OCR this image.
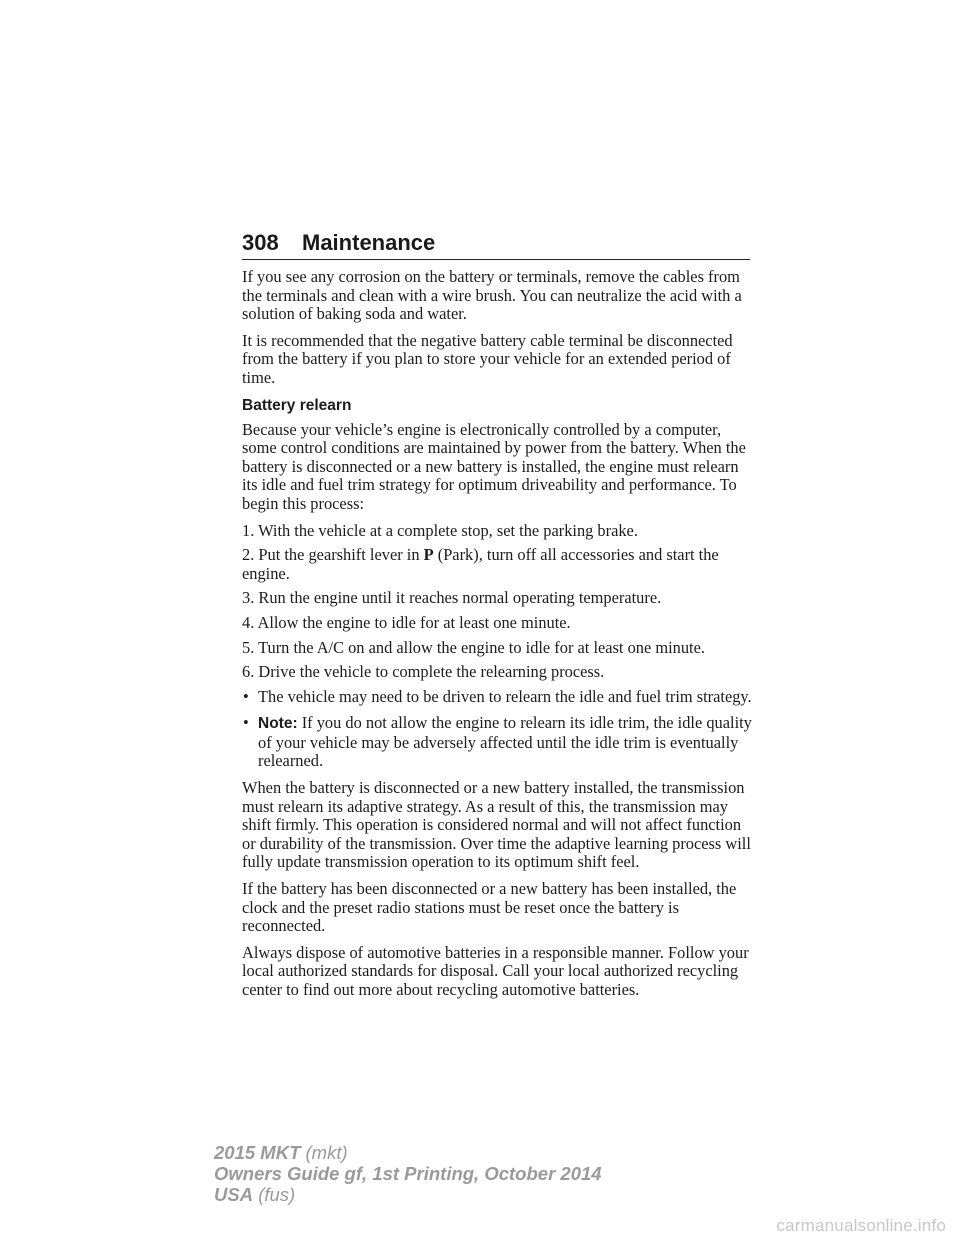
308 Maintenance

If you see any corrosion on the battery or terminals, remove the cables from the terminals and clean with a wire brush. You can neutralize the acid with a solution of baking soda and water.

It is recommended that the negative battery cable terminal be disconnected from the battery if you plan to store your vehicle for an extended period of time.

Battery relearn

Because your vehicle’s engine is electronically controlled by a computer, some control conditions are maintained by power from the battery. When the battery is disconnected or a new battery is installed, the engine must relearn its idle and fuel trim strategy for optimum driveability and performance. To begin this process:

1. With the vehicle at a complete stop, set the parking brake.

2. Put the gearshift lever in P (Park), turn off all accessories and start the engine.

3. Run the engine until it reaches normal operating temperature.

4. Allow the engine to idle for at least one minute.

5. Turn the A/C on and allow the engine to idle for at least one minute.

6. Drive the vehicle to complete the relearning process.

• The vehicle may need to be driven to relearn the idle and fuel trim strategy.
• Note: If you do not allow the engine to relearn its idle trim, the idle quality of your vehicle may be adversely affected until the idle trim is eventually relearned.

When the battery is disconnected or a new battery installed, the transmission must relearn its adaptive strategy. As a result of this, the transmission may shift firmly. This operation is considered normal and will not affect function or durability of the transmission. Over time the adaptive learning process will fully update transmission operation to its optimum shift feel.

If the battery has been disconnected or a new battery has been installed, the clock and the preset radio stations must be reset once the battery is reconnected.

Always dispose of automotive batteries in a responsible manner. Follow your local authorized standards for disposal. Call your local authorized recycling center to find out more about recycling automotive batteries.

2015 MKT (mkt)
Owners Guide gf, 1st Printing, October 2014
USA (fus)
carmanualsonline.info
